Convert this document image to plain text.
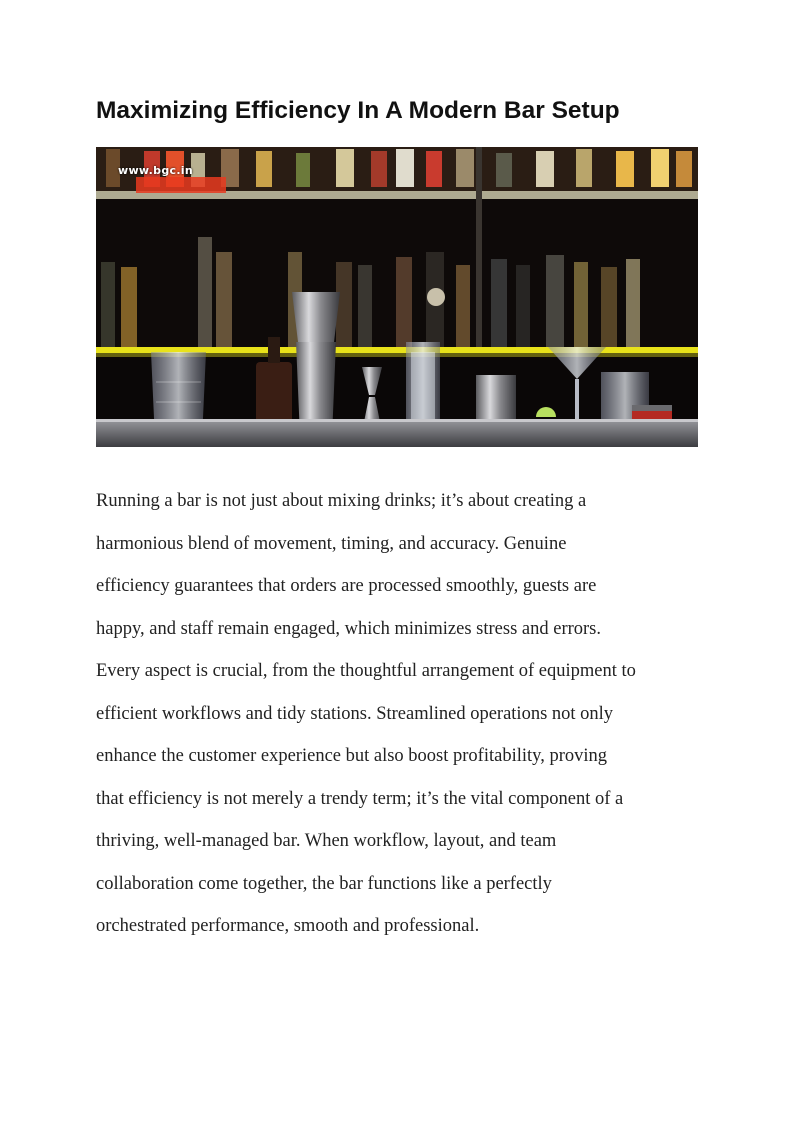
Maximizing Efficiency In A Modern Bar Setup
www.bgc.in

Running a bar is not just about mixing drinks; it’s about creating a
harmonious blend of movement, timing, and accuracy. Genuine
efficiency guarantees that orders are processed smoothly, guests are
happy, and staff remain engaged, which minimizes stress and errors.
Every aspect is crucial, from the thoughtful arrangement of equipment to
efficient workflows and tidy stations. Streamlined operations not only
enhance the customer experience but also boost profitability, proving
that efficiency is not merely a trendy term; it’s the vital component of a
thriving, well-managed bar. When workflow, layout, and team
collaboration come together, the bar functions like a perfectly
orchestrated performance, smooth and professional.
